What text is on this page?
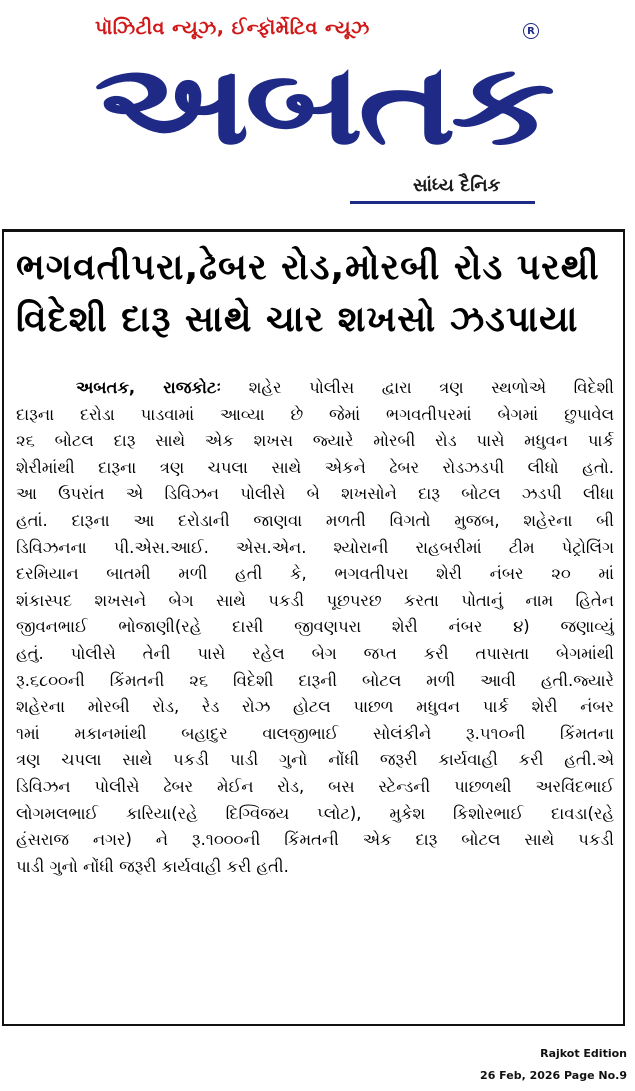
પૉઝિટીવ ન્યૂઝ, ઈન્ફૉર્મેટિવ ન્યૂઝ	R
અબતક
સાંધ્ય દૈનિક
ભગવતીપરા,ઢેબર રોડ,મોરબી રોડ પરથી
વિદેશી દારૂ સાથે ચાર શખસો ઝડપાયા
અબતક, રાજકોટઃ શહેર પોલીસ દ્વારા ત્રણ સ્થળોએ વિદેશી
દારૂના દરોડા પાડવામાં આવ્યા છે જેમાં ભગવતીપરમાં બેગમાં છુપાવેલ
૨૬ બોટલ દારૂ સાથે એક શખસ જ્યારે મોરબી રોડ પાસે મધુવન પાર્ક
શેરીમાંથી દારૂના ત્રણ ચપલા સાથે એકને ઢેબર રોડઝડપી લીધો હતો.
આ ઉપરાંત એ ડિવિઝન પોલીસે બે શખસોને દારૂ બોટલ ઝડપી લીધા
હતાં. દારૂના આ દરોડાની જાણવા મળતી વિગતો મુજબ, શહેરના બી
ડિવિઝનના પી.એસ.આઈ. એસ.એન. શ્યોરાની રાહબરીમાં ટીમ પેટ્રોલિંગ
દરમિયાન બાતમી મળી હતી કે, ભગવતીપરા શેરી નંબર ૨૦ માં
શંકાસ્પદ શખસને બેગ સાથે પકડી પૂછપરછ કરતા પોતાનું નામ હિતેન
જીવનભાઈ ભોજાણી(રહે દાસી જીવણપરા શેરી નંબર ૪) જણાવ્યું
હતું. પોલીસે તેની પાસે રહેલ બેગ જપ્ત કરી તપાસતા બેગમાંથી
રૂ.૬૮૦૦ની કિંમતની ૨૬ વિદેશી દારૂની બોટલ મળી આવી હતી.જ્યારે
શહેરના મોરબી રોડ, રેડ રોઝ હોટલ પાછળ મધુવન પાર્ક શેરી નંબર
૧માં મકાનમાંથી બહાદુર વાલજીભાઈ સોલંકીને રૂ.૫૧૦ની કિંમતના
ત્રણ ચપલા સાથે પકડી પાડી ગુનો નોંધી જરૂરી કાર્યવાહી કરી હતી.એ
ડિવિઝન પોલીસે ઢેબર મેઈન રોડ, બસ સ્ટેન્ડની પાછળથી અરવિંદભાઈ
લોગમલભાઈ કારિયા(રહે દિગ્વિજય પ્લોટ), મુકેશ કિશોરભાઈ દાવડા(રહે
હંસરાજ નગર) ને રૂ.૧૦૦૦ની કિંમતની એક દારૂ બોટલ સાથે પકડી
પાડી ગુનો નોંધી જરૂરી કાર્યવાહી કરી હતી.
Rajkot Edition
26 Feb, 2026 Page No.9
